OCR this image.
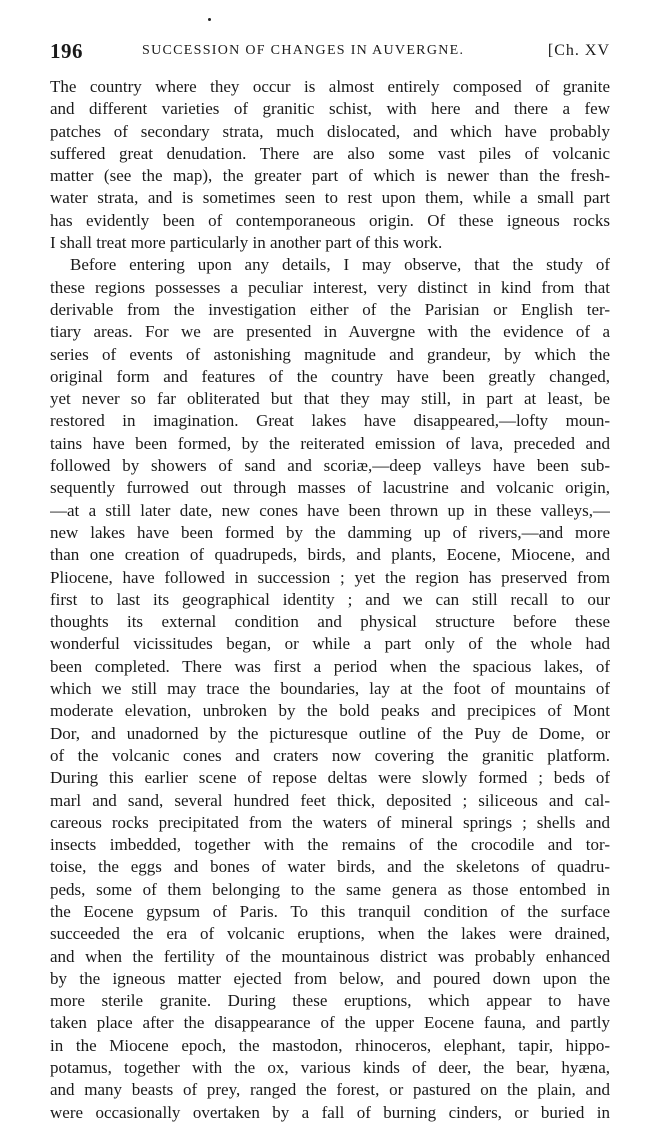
196	SUCCESSION OF CHANGES IN AUVERGNE.	[Ch. XV
The country where they occur is almost entirely composed of granite
and different varieties of granitic schist, with here and there a few
patches of secondary strata, much dislocated, and which have probably
suffered great denudation. There are also some vast piles of volcanic
matter (see the map), the greater part of which is newer than the fresh-
water strata, and is sometimes seen to rest upon them, while a small part
has evidently been of contemporaneous origin. Of these igneous rocks
I shall treat more particularly in another part of this work.
Before entering upon any details, I may observe, that the study of
these regions possesses a peculiar interest, very distinct in kind from that
derivable from the investigation either of the Parisian or English ter-
tiary areas. For we are presented in Auvergne with the evidence of a
series of events of astonishing magnitude and grandeur, by which the
original form and features of the country have been greatly changed,
yet never so far obliterated but that they may still, in part at least, be
restored in imagination. Great lakes have disappeared,—lofty moun-
tains have been formed, by the reiterated emission of lava, preceded and
followed by showers of sand and scoriæ,—deep valleys have been sub-
sequently furrowed out through masses of lacustrine and volcanic origin,
—at a still later date, new cones have been thrown up in these valleys,—
new lakes have been formed by the damming up of rivers,—and more
than one creation of quadrupeds, birds, and plants, Eocene, Miocene, and
Pliocene, have followed in succession ; yet the region has preserved from
first to last its geographical identity ; and we can still recall to our
thoughts its external condition and physical structure before these
wonderful vicissitudes began, or while a part only of the whole had
been completed. There was first a period when the spacious lakes, of
which we still may trace the boundaries, lay at the foot of mountains of
moderate elevation, unbroken by the bold peaks and precipices of Mont
Dor, and unadorned by the picturesque outline of the Puy de Dome, or
of the volcanic cones and craters now covering the granitic platform.
During this earlier scene of repose deltas were slowly formed ; beds of
marl and sand, several hundred feet thick, deposited ; siliceous and cal-
careous rocks precipitated from the waters of mineral springs ; shells and
insects imbedded, together with the remains of the crocodile and tor-
toise, the eggs and bones of water birds, and the skeletons of quadru-
peds, some of them belonging to the same genera as those entombed in
the Eocene gypsum of Paris. To this tranquil condition of the surface
succeeded the era of volcanic eruptions, when the lakes were drained,
and when the fertility of the mountainous district was probably enhanced
by the igneous matter ejected from below, and poured down upon the
more sterile granite. During these eruptions, which appear to have
taken place after the disappearance of the upper Eocene fauna, and partly
in the Miocene epoch, the mastodon, rhinoceros, elephant, tapir, hippo-
potamus, together with the ox, various kinds of deer, the bear, hyæna,
and many beasts of prey, ranged the forest, or pastured on the plain, and
were occasionally overtaken by a fall of burning cinders, or buried in
